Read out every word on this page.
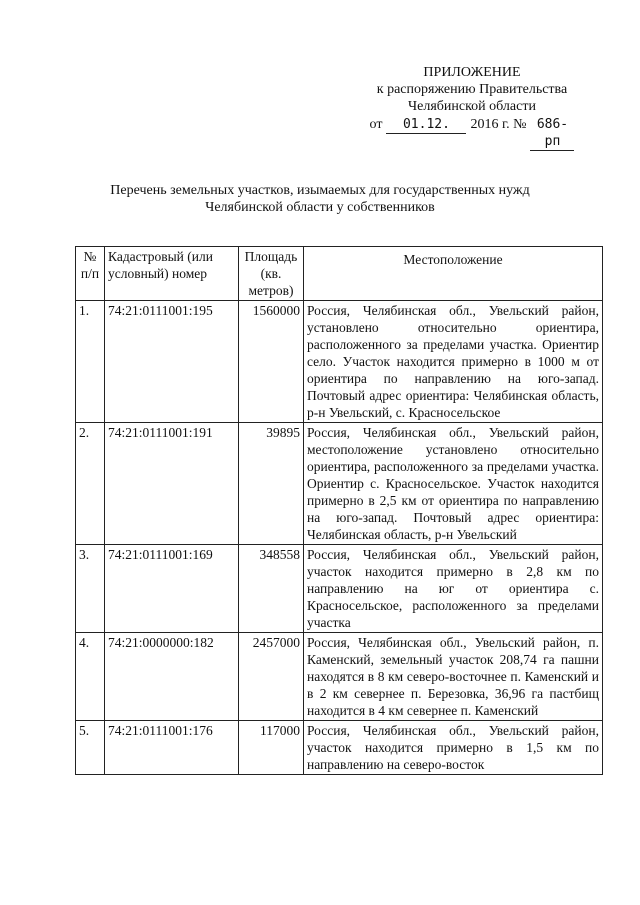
ПРИЛОЖЕНИЕ
к распоряжению Правительства
Челябинской области
от	01.12.	2016 г. № 686-рп
Перечень земельных участков, изымаемых для государственных нужд
Челябинской области у собственников
№ п/п	Кадастровый (или условный) номер	Площадь (кв. метров)	Местоположение
1.	74:21:0111001:195	1560000	Россия, Челябинская обл., Увельский район, установлено относительно ориентира, расположенного за пределами участка. Ориентир село. Участок находится примерно в 1000 м от ориентира по направлению на юго-запад. Почтовый адрес ориентира: Челябинская область, р-н Увельский, с. Красносельское
2.	74:21:0111001:191	39895	Россия, Челябинская обл., Увельский район, местоположение установлено относительно ориентира, расположенного за пределами участка. Ориентир с. Красносельское. Участок находится примерно в 2,5 км от ориентира по направлению на юго-запад. Почтовый адрес ориентира: Челябинская область, р-н Увельский
3.	74:21:0111001:169	348558	Россия, Челябинская обл., Увельский район, участок находится примерно в 2,8 км по направлению на юг от ориентира с. Красносельское, расположенного за пределами участка
4.	74:21:0000000:182	2457000	Россия, Челябинская обл., Увельский район, п. Каменский, земельный участок 208,74 га пашни находятся в 8 км северо-восточнее п. Каменский и в 2 км севернее п. Березовка, 36,96 га пастбищ находится в 4 км севернее п. Каменский
5.	74:21:0111001:176	117000	Россия, Челябинская обл., Увельский район, участок находится примерно в 1,5 км по направлению на северо-восток
